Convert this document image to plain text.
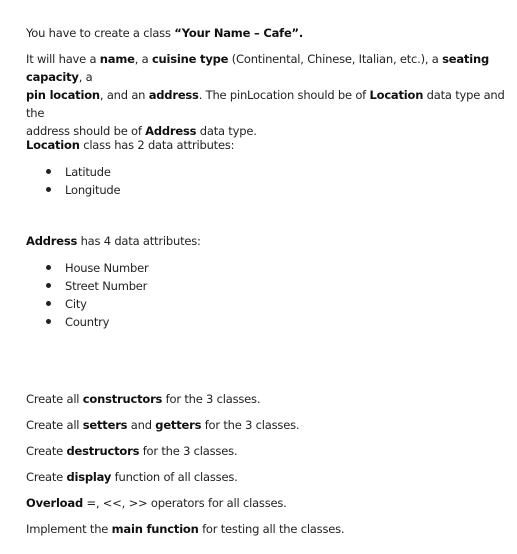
You have to create a class “Your Name – Cafe”.
It will have a name, a cuisine type (Continental, Chinese, Italian, etc.), a seating capacity, a
pin location, and an address. The pinLocation should be of Location data type and the
address should be of Address data type.
Location class has 2 data attributes:
Latitude
Longitude
Address has 4 data attributes:
House Number
Street Number
City
Country
Create all constructors for the 3 classes.
Create all setters and getters for the 3 classes.
Create destructors for the 3 classes.
Create display function of all classes.
Overload =, <<, >> operators for all classes.
Implement the main function for testing all the classes.
